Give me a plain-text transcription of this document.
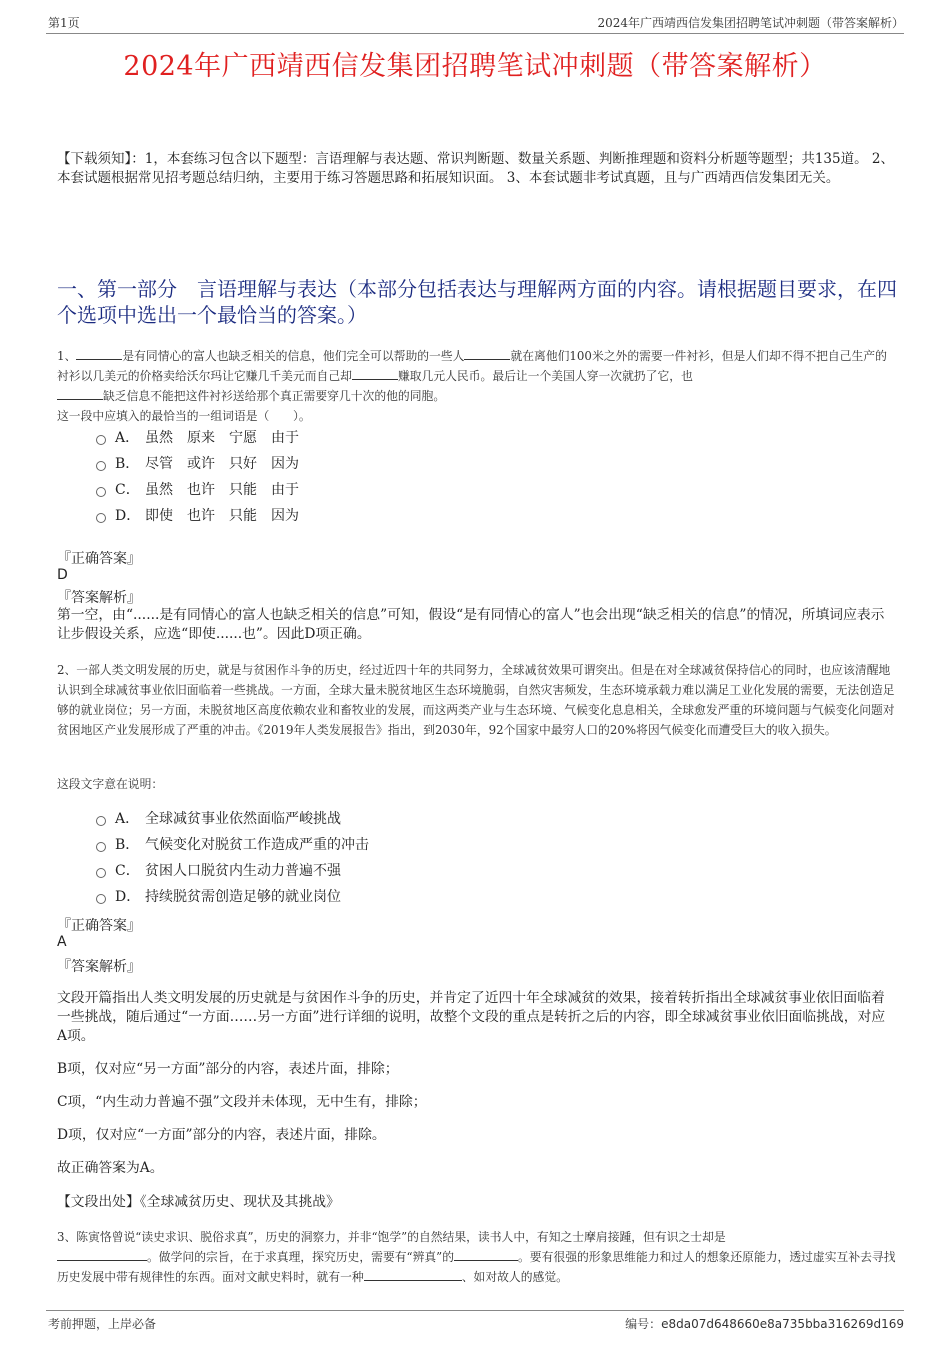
第1页	2024年广西靖西信发集团招聘笔试冲刺题（带答案解析）
2024年广西靖西信发集团招聘笔试冲刺题（带答案解析）
【下载须知】：1，本套练习包含以下题型：言语理解与表达题、常识判断题、数量关系题、判断推理题和资料分析题等题型；共135道。 2、本套试题根据常见招考题总结归纳，主要用于练习答题思路和拓展知识面。 3、本套试题非考试真题，且与广西靖西信发集团无关。
一、第一部分　言语理解与表达（本部分包括表达与理解两方面的内容。请根据题目要求，在四个选项中选出一个最恰当的答案。）
1、	是有同情心的富人也缺乏相关的信息，他们完全可以帮助的一些人	就在离他们100米之外的需要一件衬衫，但是人们却不得不把自己生产的衬衫以几美元的价格卖给沃尔玛让它赚几千美元而自己却	赚取几元人民币。最后让一个美国人穿一次就扔了它，也
缺乏信息不能把这件衬衫送给那个真正需要穿几十次的他的同胞。
这一段中应填入的最恰当的一组词语是（　　）。
A． 虽然　原来　宁愿　由于
B． 尽管　或许　只好　因为
C． 虽然　也许　只能　由于
D． 即使　也许　只能　因为
『正确答案』
D
『答案解析』
第一空，由“......是有同情心的富人也缺乏相关的信息”可知，假设“是有同情心的富人”也会出现“缺乏相关的信息”的情况，所填词应表示让步假设关系，应选“即使......也”。因此D项正确。
2、一部人类文明发展的历史，就是与贫困作斗争的历史，经过近四十年的共同努力，全球减贫效果可谓突出。但是在对全球减贫保持信心的同时，也应该清醒地认识到全球减贫事业依旧面临着一些挑战。一方面，全球大量未脱贫地区生态环境脆弱，自然灾害频发，生态环境承载力难以满足工业化发展的需要，无法创造足够的就业岗位；另一方面，未脱贫地区高度依赖农业和畜牧业的发展，而这两类产业与生态环境、气候变化息息相关，全球愈发严重的环境问题与气候变化问题对贫困地区产业发展形成了严重的冲击。《2019年人类发展报告》指出，到2030年，92个国家中最穷人口的20%将因气候变化而遭受巨大的收入损失。
这段文字意在说明：
A． 全球减贫事业依然面临严峻挑战
B． 气候变化对脱贫工作造成严重的冲击
C． 贫困人口脱贫内生动力普遍不强
D． 持续脱贫需创造足够的就业岗位
『正确答案』
A
『答案解析』
文段开篇指出人类文明发展的历史就是与贫困作斗争的历史，并肯定了近四十年全球减贫的效果，接着转折指出全球减贫事业依旧面临着一些挑战，随后通过“一方面……另一方面”进行详细的说明，故整个文段的重点是转折之后的内容，即全球减贫事业依旧面临挑战，对应A项。
B项，仅对应“另一方面”部分的内容，表述片面，排除；
C项，“内生动力普遍不强”文段并未体现，无中生有，排除；
D项，仅对应“一方面”部分的内容，表述片面，排除。
故正确答案为A。
【文段出处】《全球减贫历史、现状及其挑战》
3、陈寅恪曾说“读史求识、脱俗求真”，历史的洞察力，并非“饱学”的自然结果，读书人中，有知之士摩肩接踵，但有识之士却是
。做学问的宗旨，在于求真理，探究历史，需要有“辨真”的	。要有很强的形象思维能力和过人的想象还原能力，透过虚实互补去寻找历史发展中带有规律性的东西。面对文献史料时，就有一种	、如对故人的感觉。
考前押题，上岸必备	编号：e8da07d648660e8a735bba316269d169
